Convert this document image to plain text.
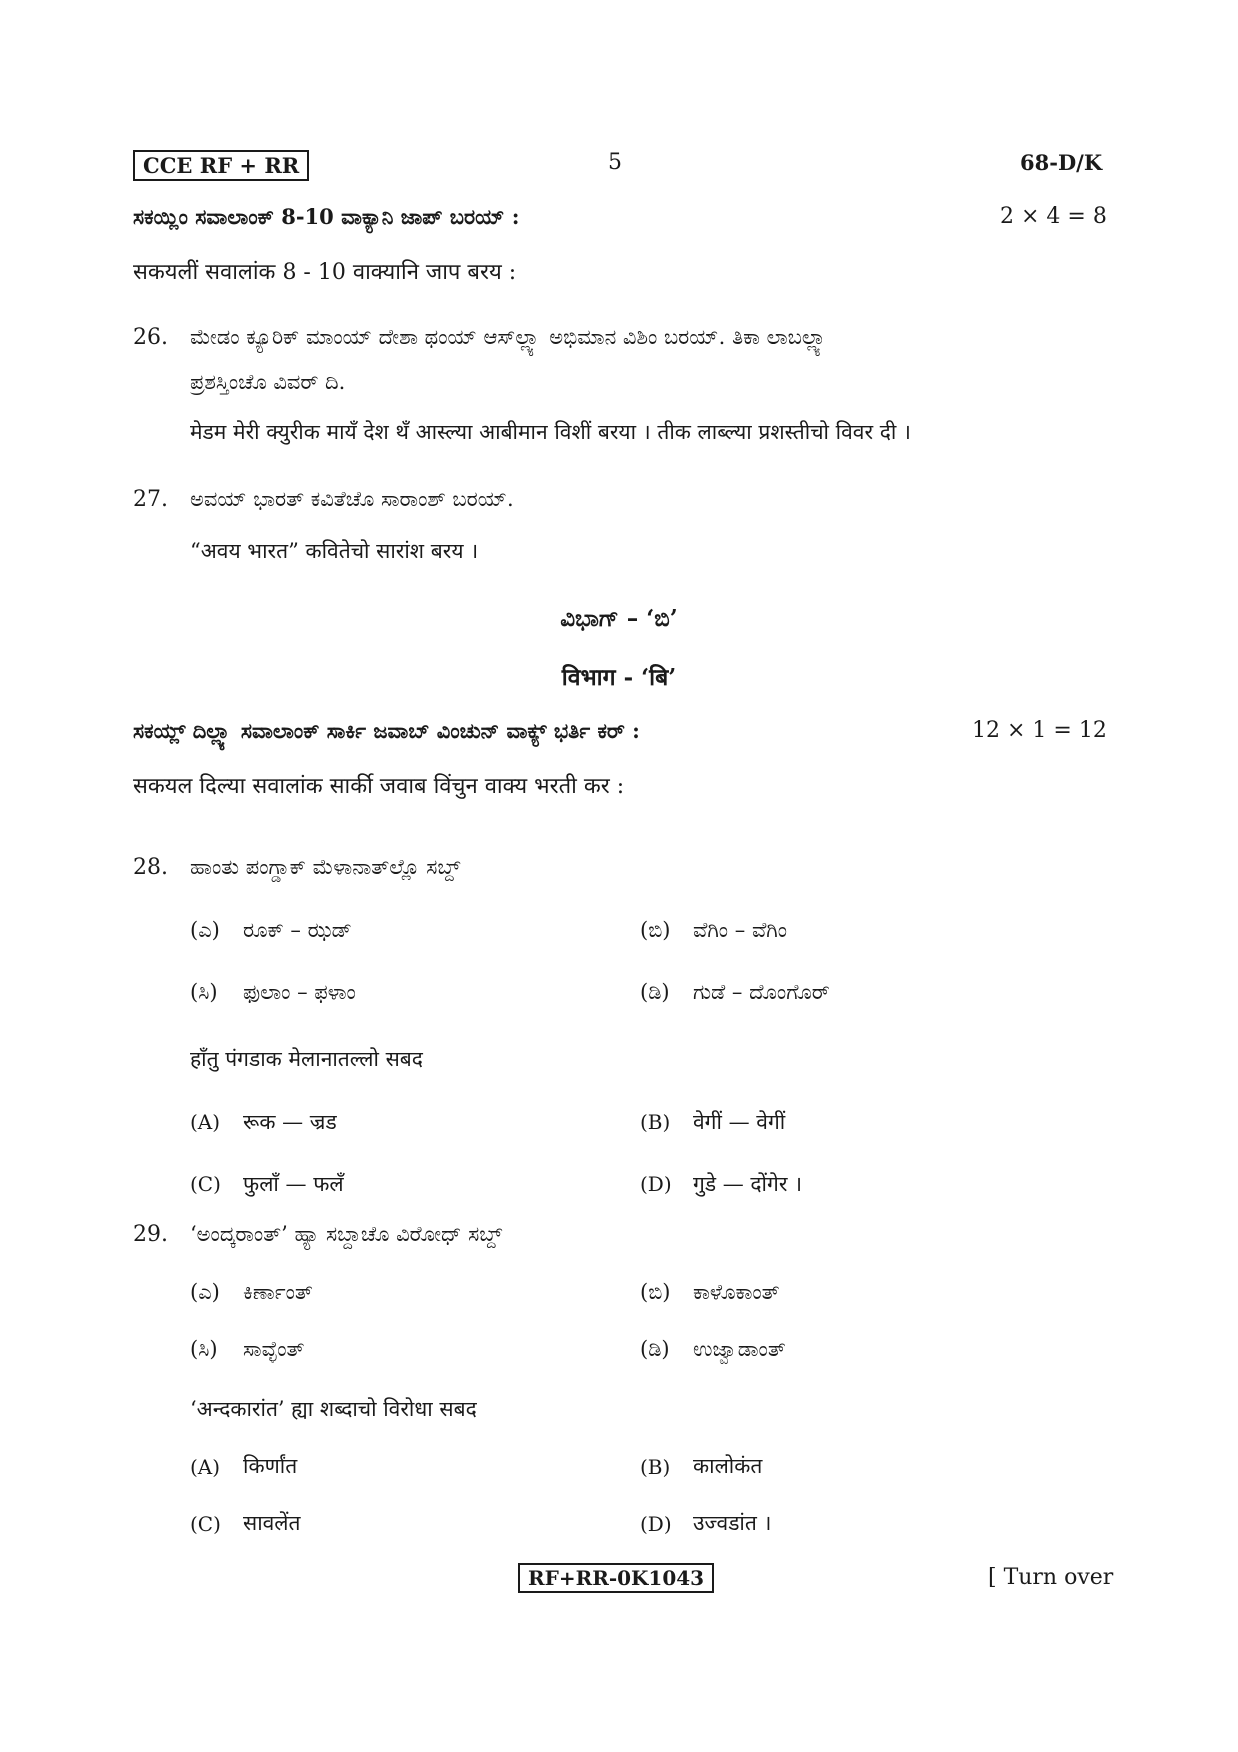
CCE RF + RR	5	68-D/K
ಸಕಯ್ಲಿಂ ಸವಾಲಾಂಕ್ 8-10 ವಾಕ್ಯಾನಿ ಜಾಪ್ ಬರಯ್ :	2 × 4 = 8
सकयलीं सवालांक 8 - 10 वाक्यानि जाप बरय :
26. ಮೇಡಂ ಕ್ಯೂರಿಕ್ ಮಾಂಯ್ ದೇಶಾ ಥಂಯ್ ಆಸ್‌ಲ್ಲ್ಯಾ ಅಭಿಮಾನ ವಿಶಿಂ ಬರಯ್. ತಿಕಾ ಲಾಬಲ್ಲ್ಯಾ
ಪ್ರಶಸ್ತಿಂಚೊ ವಿವರ್ ದಿ.
मेडम मेरी क्युरीक मायँ देश थँ आस्ल्या आबीमान विशीं बरया । तीक लाब्ल्या प्रशस्तीचो विवर दी ।
27. ಅವಯ್ ಭಾರತ್ ಕವಿತೆಚೊ ಸಾರಾಂಶ್ ಬರಯ್.
“अवय भारत” कवितेचो सारांश बरय ।
ವಿಭಾಗ್ – ‘ಬಿ’
विभाग - ‘बि’
ಸಕಯ್ಲ್ ದಿಲ್ಲ್ಯಾ ಸವಾಲಾಂಕ್ ಸಾರ್ಕಿ ಜವಾಬ್ ವಿಂಚುನ್ ವಾಕ್ಯ್ ಭರ್ತಿ ಕರ್ :	12 × 1 = 12
सकयल दिल्या सवालांक सार्की जवाब विंचुन वाक्य भरती कर :
28. ಹಾಂತು ಪಂಗ್ಡಾಕ್ ಮೆಳಾನಾತ್‌ಲ್ಲೊ ಸಬ್ದ್
(ಎ) ರೂಕ್ – ಝಡ್	(ಬಿ) ವೆಗಿಂ – ವೆಗಿಂ
(ಸಿ) ಫುಲಾಂ – ಫಳಾಂ	(ಡಿ) ಗುಡೆ – ದೊಂಗೊರ್
हाँतु पंगडाक मेलानातल्लो सबद
(A) रूक — ज्रड	(B) वेगीं — वेगीं
(C) फुलाँ — फलँ	(D) गुडे — दोंगेर ।
29. ‘ಅಂದ್ಕರಾಂತ್’ ಹ್ಯಾ ಸಬ್ದಾಚೊ ವಿರೋಧ್ ಸಬ್ದ್
(ಎ) ಕಿರ್ಣಾಂತ್	(ಬಿ) ಕಾಳೊಕಾಂತ್
(ಸಿ) ಸಾವ್ಳೆಂತ್	(ಡಿ) ಉಜ್ವಾಡಾಂತ್
‘अन्दकारांत’ ह्या शब्दाचो विरोधा सबद
(A) किर्णांत	(B) कालोकंत
(C) सावलेंत	(D) उज्वडांत ।
RF+RR-0K1043	[ Turn over
